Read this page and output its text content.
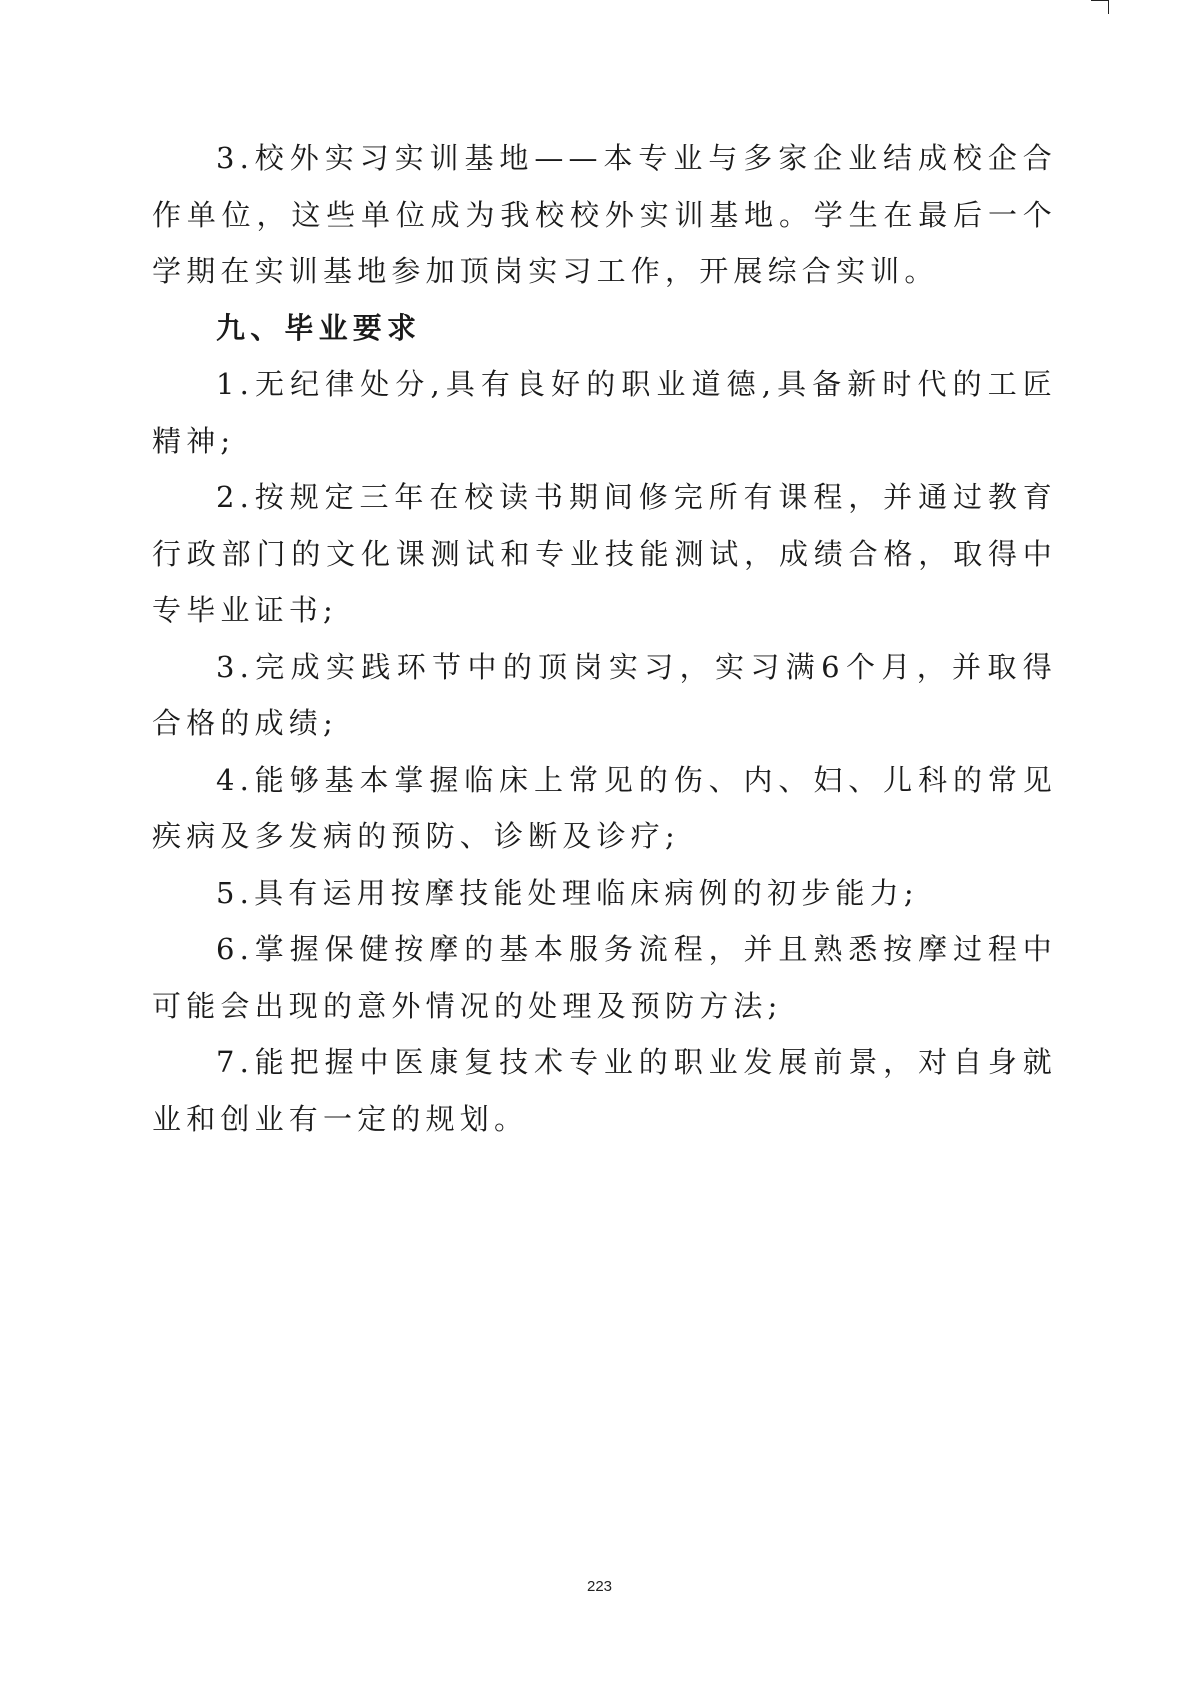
3.校外实习实训基地——本专业与多家企业结成校企合作单位，这些单位成为我校校外实训基地。学生在最后一个学期在实训基地参加顶岗实习工作，开展综合实训。

九、毕业要求

1.无纪律处分,具有良好的职业道德,具备新时代的工匠精神;

2.按规定三年在校读书期间修完所有课程，并通过教育行政部门的文化课测试和专业技能测试，成绩合格，取得中专毕业证书;

3.完成实践环节中的顶岗实习，实习满6个月，并取得合格的成绩;

4.能够基本掌握临床上常见的伤、内、妇、儿科的常见疾病及多发病的预防、诊断及诊疗;

5.具有运用按摩技能处理临床病例的初步能力;

6.掌握保健按摩的基本服务流程，并且熟悉按摩过程中可能会出现的意外情况的处理及预防方法;

7.能把握中医康复技术专业的职业发展前景，对自身就业和创业有一定的规划。

223
